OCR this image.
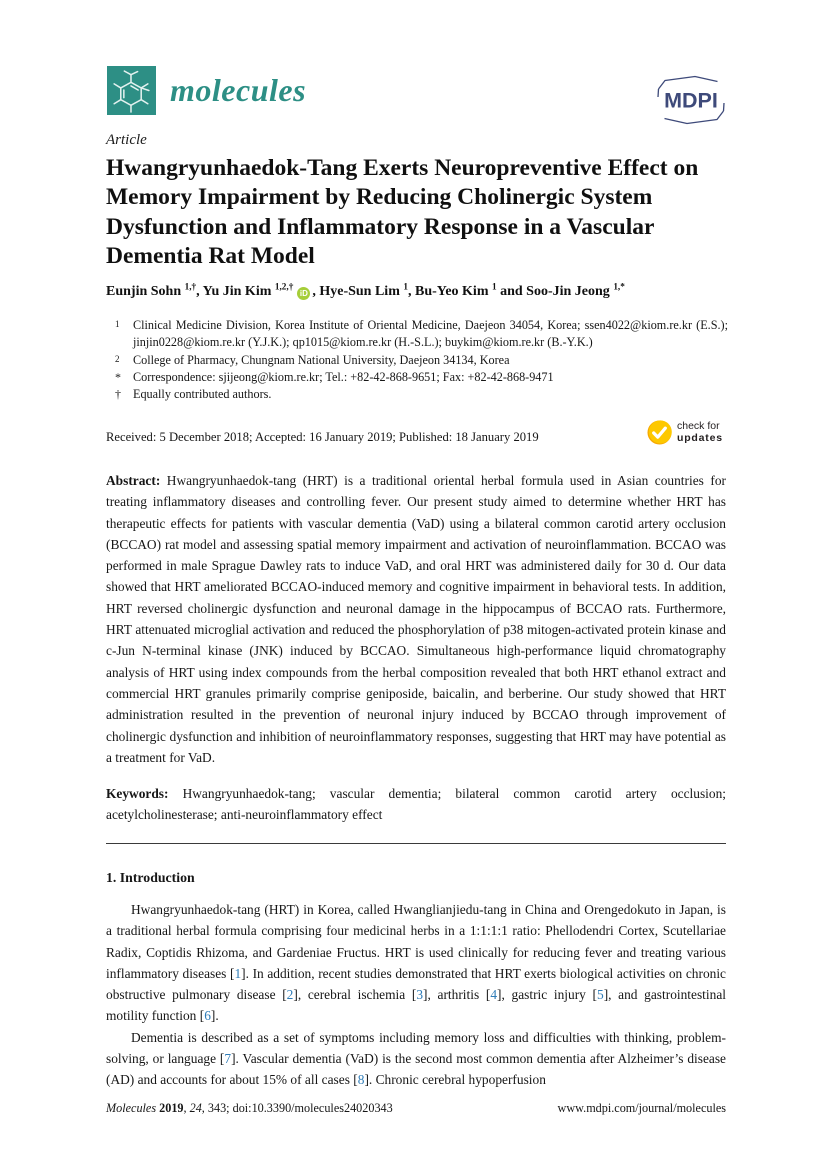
molecules	MDPI
Article
Hwangryunhaedok-Tang Exerts Neuropreventive Effect on Memory Impairment by Reducing Cholinergic System Dysfunction and Inflammatory Response in a Vascular Dementia Rat Model
Eunjin Sohn $^{1,\dagger}$, Yu Jin Kim $^{1,2,\dagger}$iD , Hye-Sun Lim $^1$, Bu-Yeo Kim $^1$ and Soo-Jin Jeong $^{1,*}$
1	Clinical Medicine Division, Korea Institute of Oriental Medicine, Daejeon 34054, Korea; ssen4022@kiom.re.kr (E.S.); jinjin0228@kiom.re.kr (Y.J.K.); qp1015@kiom.re.kr (H.-S.L.); buykim@kiom.re.kr (B.-Y.K.)
2	College of Pharmacy, Chungnam National University, Daejeon 34134, Korea
* Correspondence: sjijeong@kiom.re.kr; Tel.: +82-42-868-9651; Fax: +82-42-868-9471
† Equally contributed authors.
Received: 5 December 2018; Accepted: 16 January 2019; Published: 18 January 2019
check for
updates

Abstract: Hwangryunhaedok-tang (HRT) is a traditional oriental herbal formula used in Asian countries for treating inflammatory diseases and controlling fever. Our present study aimed to determine whether HRT has therapeutic effects for patients with vascular dementia (VaD) using a bilateral common carotid artery occlusion (BCCAO) rat model and assessing spatial memory impairment and activation of neuroinflammation. BCCAO was performed in male Sprague Dawley rats to induce VaD, and oral HRT was administered daily for 30 d. Our data showed that HRT ameliorated BCCAO-induced memory and cognitive impairment in behavioral tests. In addition, HRT reversed cholinergic dysfunction and neuronal damage in the hippocampus of BCCAO rats. Furthermore, HRT attenuated microglial activation and reduced the phosphorylation of p38 mitogen-activated protein kinase and c-Jun N-terminal kinase (JNK) induced by BCCAO. Simultaneous high-performance liquid chromatography analysis of HRT using index compounds from the herbal composition revealed that both HRT ethanol extract and commercial HRT granules primarily comprise geniposide, baicalin, and berberine. Our study showed that HRT administration resulted in the prevention of neuronal injury induced by BCCAO through improvement of cholinergic dysfunction and inhibition of neuroinflammatory responses, suggesting that HRT may have potential as a treatment for VaD.

Keywords: Hwangryunhaedok-tang; vascular dementia; bilateral common carotid artery occlusion; acetylcholinesterase; anti-neuroinflammatory effect

1. Introduction

Hwangryunhaedok-tang (HRT) in Korea, called Hwanglianjiedu-tang in China and Orengedokuto in Japan, is a traditional herbal formula comprising four medicinal herbs in a 1:1:1:1 ratio: Phellodendri Cortex, Scutellariae Radix, Coptidis Rhizoma, and Gardeniae Fructus. HRT is used clinically for reducing fever and treating various inflammatory diseases [1]. In addition, recent studies demonstrated that HRT exerts biological activities on chronic obstructive pulmonary disease [2], cerebral ischemia [3], arthritis [4], gastric injury [5], and gastrointestinal motility function [6].

Dementia is described as a set of symptoms including memory loss and difficulties with thinking, problem-solving, or language [7]. Vascular dementia (VaD) is the second most common dementia after Alzheimer’s disease (AD) and accounts for about 15% of all cases [8]. Chronic cerebral hypoperfusion

Molecules 2019, 24, 343; doi:10.3390/molecules24020343	www.mdpi.com/journal/molecules
